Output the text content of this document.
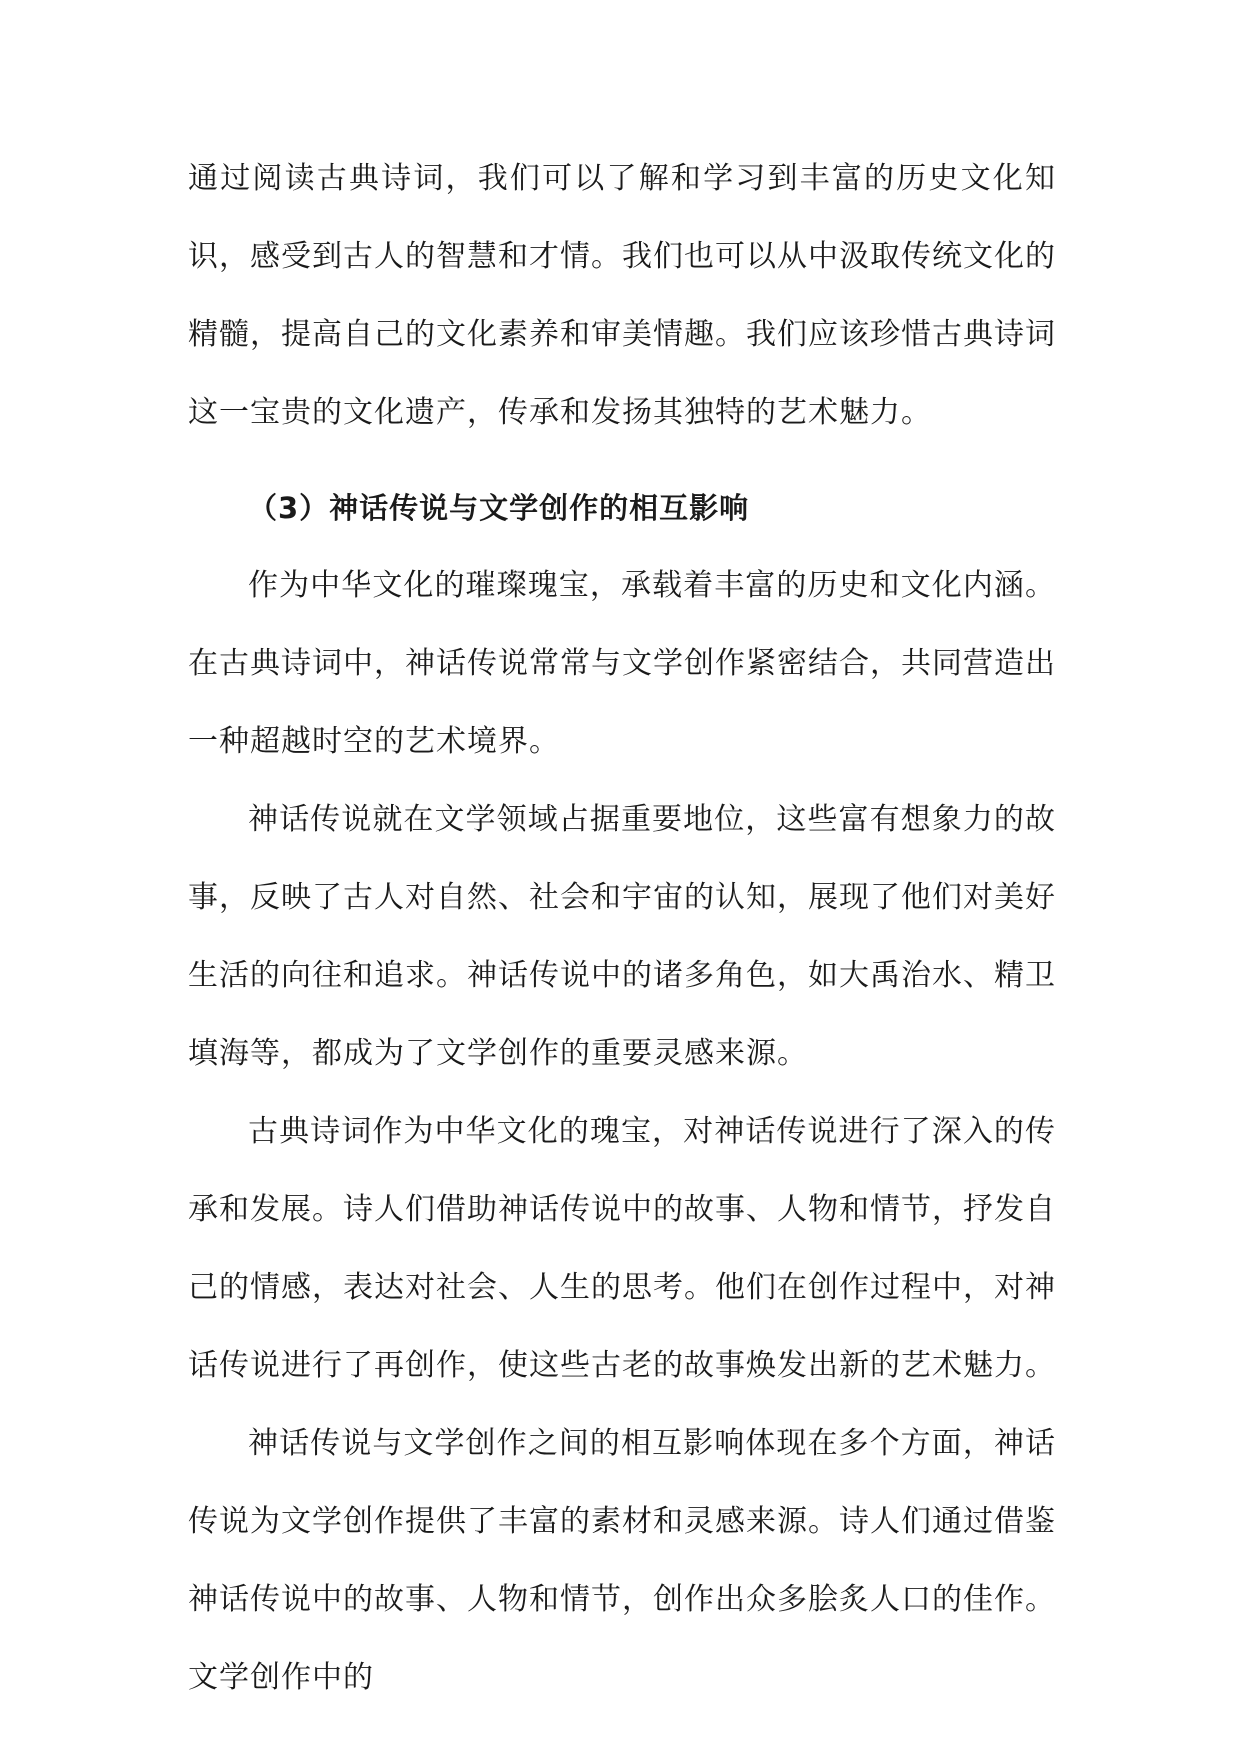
通过阅读古典诗词，我们可以了解和学习到丰富的历史文化知识，感受到古人的智慧和才情。我们也可以从中汲取传统文化的精髓，提高自己的文化素养和审美情趣。我们应该珍惜古典诗词这一宝贵的文化遗产，传承和发扬其独特的艺术魅力。

（3）神话传说与文学创作的相互影响

作为中华文化的璀璨瑰宝，承载着丰富的历史和文化内涵。在古典诗词中，神话传说常常与文学创作紧密结合，共同营造出一种超越时空的艺术境界。

神话传说就在文学领域占据重要地位，这些富有想象力的故事，反映了古人对自然、社会和宇宙的认知，展现了他们对美好生活的向往和追求。神话传说中的诸多角色，如大禹治水、精卫填海等，都成为了文学创作的重要灵感来源。

古典诗词作为中华文化的瑰宝，对神话传说进行了深入的传承和发展。诗人们借助神话传说中的故事、人物和情节，抒发自己的情感，表达对社会、人生的思考。他们在创作过程中，对神话传说进行了再创作，使这些古老的故事焕发出新的艺术魅力。

神话传说与文学创作之间的相互影响体现在多个方面，神话传说为文学创作提供了丰富的素材和灵感来源。诗人们通过借鉴神话传说中的故事、人物和情节，创作出众多脍炙人口的佳作。文学创作中的
